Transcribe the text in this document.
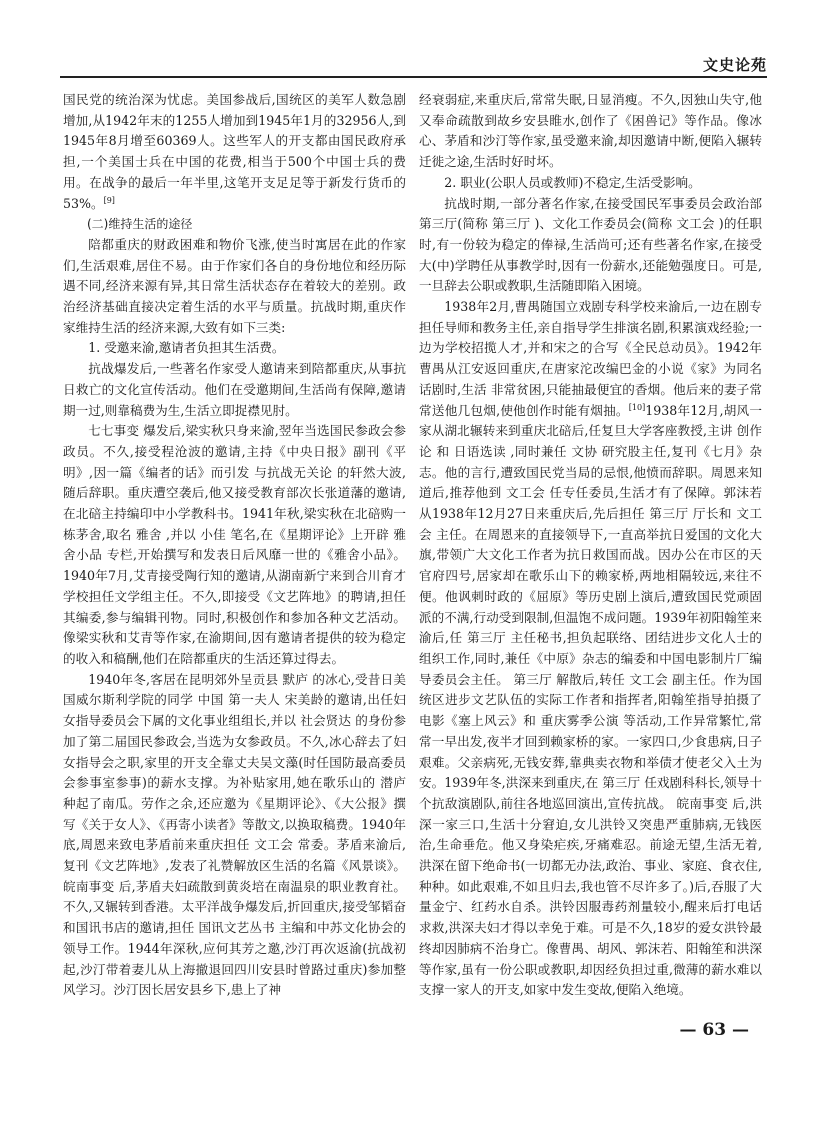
文史论苑

国民党的统治深为忧虑。美国参战后,国统区的美军人数急剧增加,从1942年末的1255人增加到1945年1月的32956人,到1945年8月增至60369人。这些军人的开支都由国民政府承担,一个美国士兵在中国的花费,相当于500个中国士兵的费用。在战争的最后一年半里,这笔开支足足等于新发行货币的53%。[9]

(二)维持生活的途径

陪都重庆的财政困难和物价飞涨,使当时寓居在此的作家们,生活艰难,居住不易。由于作家们各自的身份地位和经历际遇不同,经济来源有异,其日常生活状态存在着较大的差别。政治经济基础直接决定着生活的水平与质量。抗战时期,重庆作家维持生活的经济来源,大致有如下三类:

1. 受邀来渝,邀请者负担其生活费。

抗战爆发后,一些著名作家受人邀请来到陪都重庆,从事抗日救亡的文化宣传活动。他们在受邀期间,生活尚有保障,邀请期一过,则靠稿费为生,生活立即捉襟见肘。

七七事变 爆发后,梁实秋只身来渝,翌年当选国民参政会参政员。不久,接受程沧波的邀请,主持《中央日报》副刊《平明》,因一篇《编者的话》而引发 与抗战无关论 的轩然大波,随后辞职。重庆遭空袭后,他又接受教育部次长张道藩的邀请,在北碚主持编印中小学教科书。1941年秋,梁实秋在北碚购一栋茅舍,取名 雅舍 ,并以 小佳 笔名,在《星期评论》上开辟 雅舍小品 专栏,开始撰写和发表日后风靡一世的《雅舍小品》。1940年7月,艾青接受陶行知的邀请,从湖南新宁来到合川育才学校担任文学组主任。不久,即接受《文艺阵地》的聘请,担任其编委,参与编辑刊物。同时,积极创作和参加各种文艺活动。像梁实秋和艾青等作家,在渝期间,因有邀请者提供的较为稳定的收入和稿酬,他们在陪都重庆的生活还算过得去。

1940年冬,客居在昆明郊外呈贡县 默庐 的冰心,受昔日美国威尔斯利学院的同学 中国 第一夫人 宋美龄的邀请,出任妇女指导委员会下属的文化事业组组长,并以 社会贤达 的身份参加了第二届国民参政会,当选为女参政员。不久,冰心辞去了妇女指导会之职,家里的开支全靠丈夫吴文藻(时任国防最高委员会参事室参事)的薪水支撑。为补贴家用,她在歌乐山的 潜庐 种起了南瓜。劳作之余,还应邀为《星期评论》、《大公报》撰写《关于女人》、《再寄小读者》等散文,以换取稿费。1940年底,周恩来致电茅盾前来重庆担任 文工会 常委。茅盾来渝后,复刊《文艺阵地》,发表了礼赞解放区生活的名篇《风景谈》。 皖南事变 后,茅盾夫妇疏散到黄炎培在南温泉的职业教育社。不久,又辗转到香港。太平洋战争爆发后,折回重庆,接受邹韬奋和国讯书店的邀请,担任 国讯文艺丛书 主编和中苏文化协会的领导工作。1944年深秋,应何其芳之邀,沙汀再次返渝(抗战初起,沙汀带着妻儿从上海撤退回四川安县时曾路过重庆)参加整风学习。沙汀因长居安县乡下,患上了神

经衰弱症,来重庆后,常常失眠,日显消瘦。不久,因独山失守,他又奉命疏散到故乡安县睢水,创作了《困兽记》等作品。像冰心、茅盾和沙汀等作家,虽受邀来渝,却因邀请中断,便陷入辗转迁徙之途,生活时好时坏。

2. 职业(公职人员或教师)不稳定,生活受影响。

抗战时期,一部分著名作家,在接受国民军事委员会政治部第三厅(简称 第三厅 )、文化工作委员会(简称 文工会 )的任职时,有一份较为稳定的俸禄,生活尚可;还有些著名作家,在接受大(中)学聘任从事教学时,因有一份薪水,还能勉强度日。可是,一旦辞去公职或教职,生活随即陷入困境。

1938年2月,曹禺随国立戏剧专科学校来渝后,一边在剧专担任导师和教务主任,亲自指导学生排演名剧,积累演戏经验;一边为学校招揽人才,并和宋之的合写《全民总动员》。1942年曹禺从江安返回重庆,在唐家沱改编巴金的小说《家》为同名话剧时,生活 非常贫困,只能抽最便宜的香烟。他后来的妻子常常送他几包烟,使他创作时能有烟抽。[10]1938年12月,胡风一家从湖北辗转来到重庆北碚后,任复旦大学客座教授,主讲 创作论 和 日语选读 ,同时兼任 文协 研究股主任,复刊《七月》杂志。他的言行,遭致国民党当局的忌恨,他愤而辞职。周恩来知道后,推荐他到 文工会 任专任委员,生活才有了保障。郭沫若从1938年12月27日来重庆后,先后担任 第三厅 厅长和 文工会 主任。在周恩来的直接领导下,一直高举抗日爱国的文化大旗,带领广大文化工作者为抗日救国而战。因办公在市区的天官府四号,居家却在歌乐山下的赖家桥,两地相隔较远,来往不便。他讽刺时政的《屈原》等历史剧上演后,遭致国民党顽固派的不满,行动受到限制,但温饱不成问题。1939年初阳翰笙来渝后,任 第三厅 主任秘书,担负起联络、团结进步文化人士的组织工作,同时,兼任《中原》杂志的编委和中国电影制片厂编导委员会主任。 第三厅 解散后,转任 文工会 副主任。作为国统区进步文艺队伍的实际工作者和指挥者,阳翰笙指导拍摄了电影《塞上风云》和 重庆雾季公演 等活动,工作异常繁忙,常常一早出发,夜半才回到赖家桥的家。一家四口,少食患病,日子艰难。父亲病死,无钱安葬,靠典卖衣物和举债才使老父入土为安。1939年冬,洪深来到重庆,在 第三厅 任戏剧科科长,领导十个抗敌演剧队,前往各地巡回演出,宣传抗战。 皖南事变 后,洪深一家三口,生活十分窘迫,女儿洪铃又突患严重肺病,无钱医治,生命垂危。他又身染疟疾,牙痛难忍。前途无望,生活无着,洪深在留下绝命书(一切都无办法,政治、事业、家庭、食衣住,种种。如此艰难,不如且归去,我也管不尽许多了。)后,吞服了大量金宁、红药水自杀。洪铃因服毒药剂量较小,醒来后打电话求救,洪深夫妇才得以幸免于难。可是不久,18岁的爱女洪铃最终却因肺病不治身亡。像曹禺、胡风、郭沫若、阳翰笙和洪深等作家,虽有一份公职或教职,却因经负担过重,微薄的薪水难以支撑一家人的开支,如家中发生变故,便陷入绝境。

— 63 —
